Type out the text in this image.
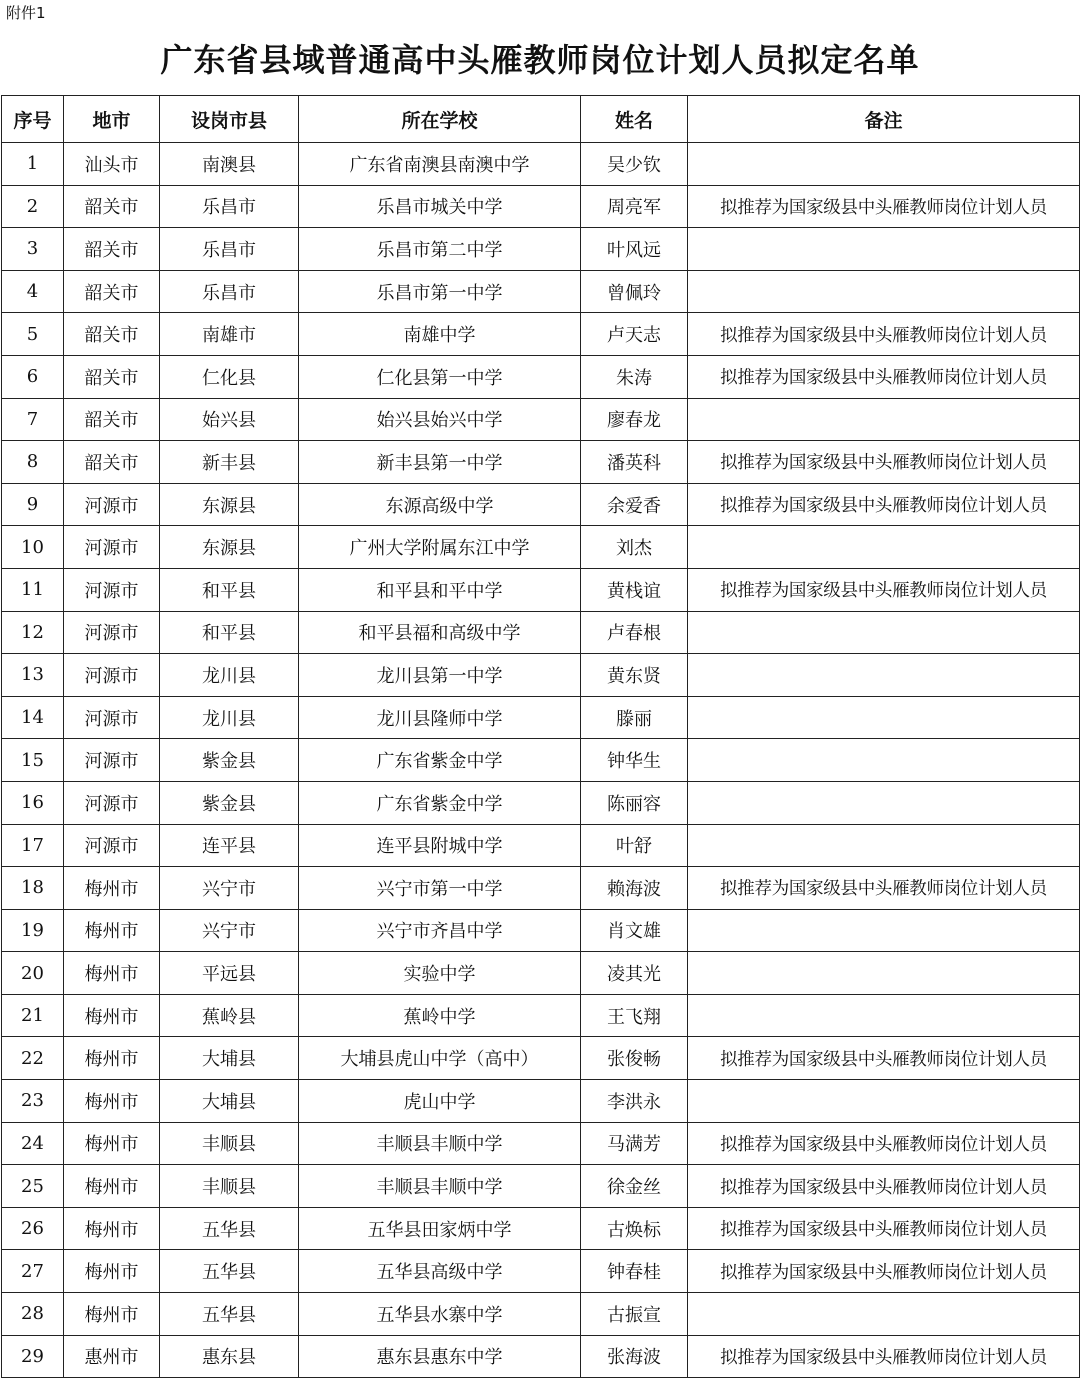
附件1
广东省县域普通高中头雁教师岗位计划人员拟定名单
序号	地市	设岗市县	所在学校	姓名	备注
1	汕头市	南澳县	广东省南澳县南澳中学	吴少钦	
2	韶关市	乐昌市	乐昌市城关中学	周亮军	拟推荐为国家级县中头雁教师岗位计划人员
3	韶关市	乐昌市	乐昌市第二中学	叶风远	
4	韶关市	乐昌市	乐昌市第一中学	曾佩玲	
5	韶关市	南雄市	南雄中学	卢天志	拟推荐为国家级县中头雁教师岗位计划人员
6	韶关市	仁化县	仁化县第一中学	朱涛	拟推荐为国家级县中头雁教师岗位计划人员
7	韶关市	始兴县	始兴县始兴中学	廖春龙	
8	韶关市	新丰县	新丰县第一中学	潘英科	拟推荐为国家级县中头雁教师岗位计划人员
9	河源市	东源县	东源高级中学	余爱香	拟推荐为国家级县中头雁教师岗位计划人员
10	河源市	东源县	广州大学附属东江中学	刘杰	
11	河源市	和平县	和平县和平中学	黄栈谊	拟推荐为国家级县中头雁教师岗位计划人员
12	河源市	和平县	和平县福和高级中学	卢春根	
13	河源市	龙川县	龙川县第一中学	黄东贤	
14	河源市	龙川县	龙川县隆师中学	滕丽	
15	河源市	紫金县	广东省紫金中学	钟华生	
16	河源市	紫金县	广东省紫金中学	陈丽容	
17	河源市	连平县	连平县附城中学	叶舒	
18	梅州市	兴宁市	兴宁市第一中学	赖海波	拟推荐为国家级县中头雁教师岗位计划人员
19	梅州市	兴宁市	兴宁市齐昌中学	肖文雄	
20	梅州市	平远县	实验中学	凌其光	
21	梅州市	蕉岭县	蕉岭中学	王飞翔	
22	梅州市	大埔县	大埔县虎山中学（高中）	张俊畅	拟推荐为国家级县中头雁教师岗位计划人员
23	梅州市	大埔县	虎山中学	李洪永	
24	梅州市	丰顺县	丰顺县丰顺中学	马满芳	拟推荐为国家级县中头雁教师岗位计划人员
25	梅州市	丰顺县	丰顺县丰顺中学	徐金丝	拟推荐为国家级县中头雁教师岗位计划人员
26	梅州市	五华县	五华县田家炳中学	古焕标	拟推荐为国家级县中头雁教师岗位计划人员
27	梅州市	五华县	五华县高级中学	钟春桂	拟推荐为国家级县中头雁教师岗位计划人员
28	梅州市	五华县	五华县水寨中学	古振宣	
29	惠州市	惠东县	惠东县惠东中学	张海波	拟推荐为国家级县中头雁教师岗位计划人员
